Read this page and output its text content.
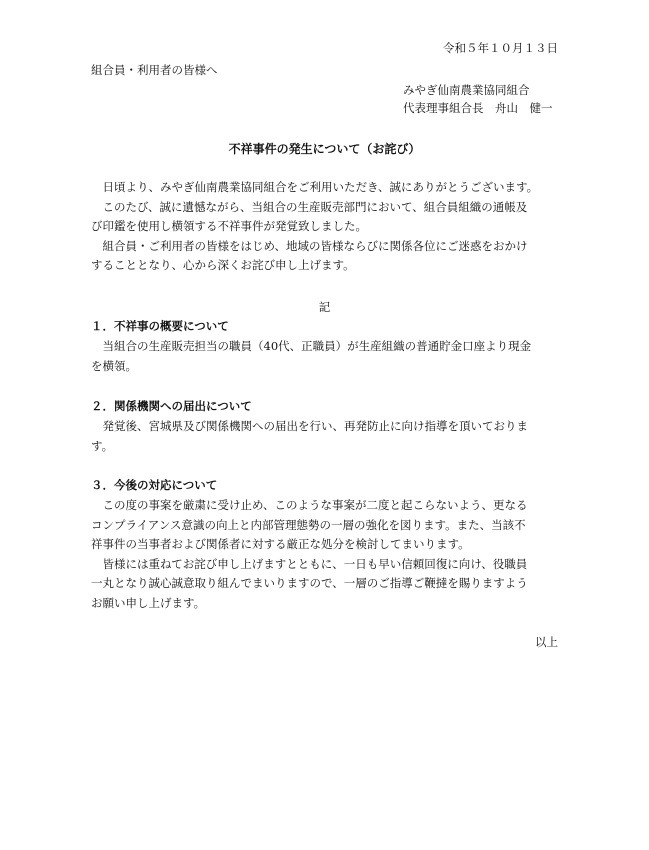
令和５年１０月１３日
組合員・利用者の皆様へ
みやぎ仙南農業協同組合
代表理事組合長　舟山　健一
不祥事件の発生について（お詫び）
　日頃より、みやぎ仙南農業協同組合をご利用いただき、誠にありがとうございます。
　このたび、誠に遺憾ながら、当組合の生産販売部門において、組合員組織の通帳及
び印鑑を使用し横領する不祥事件が発覚致しました。
　組合員・ご利用者の皆様をはじめ、地域の皆様ならびに関係各位にご迷惑をおかけ
することとなり、心から深くお詫び申し上げます。
記
１．不祥事の概要について
　当組合の生産販売担当の職員（40代、正職員）が生産組織の普通貯金口座より現金
を横領。
２．関係機関への届出について
　発覚後、宮城県及び関係機関への届出を行い、再発防止に向け指導を頂いておりま
す。
３．今後の対応について
　この度の事案を厳粛に受け止め、このような事案が二度と起こらないよう、更なる
コンプライアンス意識の向上と内部管理態勢の一層の強化を図ります。また、当該不
祥事件の当事者および関係者に対する厳正な処分を検討してまいります。
　皆様には重ねてお詫び申し上げますとともに、一日も早い信頼回復に向け、役職員
一丸となり誠心誠意取り組んでまいりますので、一層のご指導ご鞭撻を賜りますよう
お願い申し上げます。
以上
